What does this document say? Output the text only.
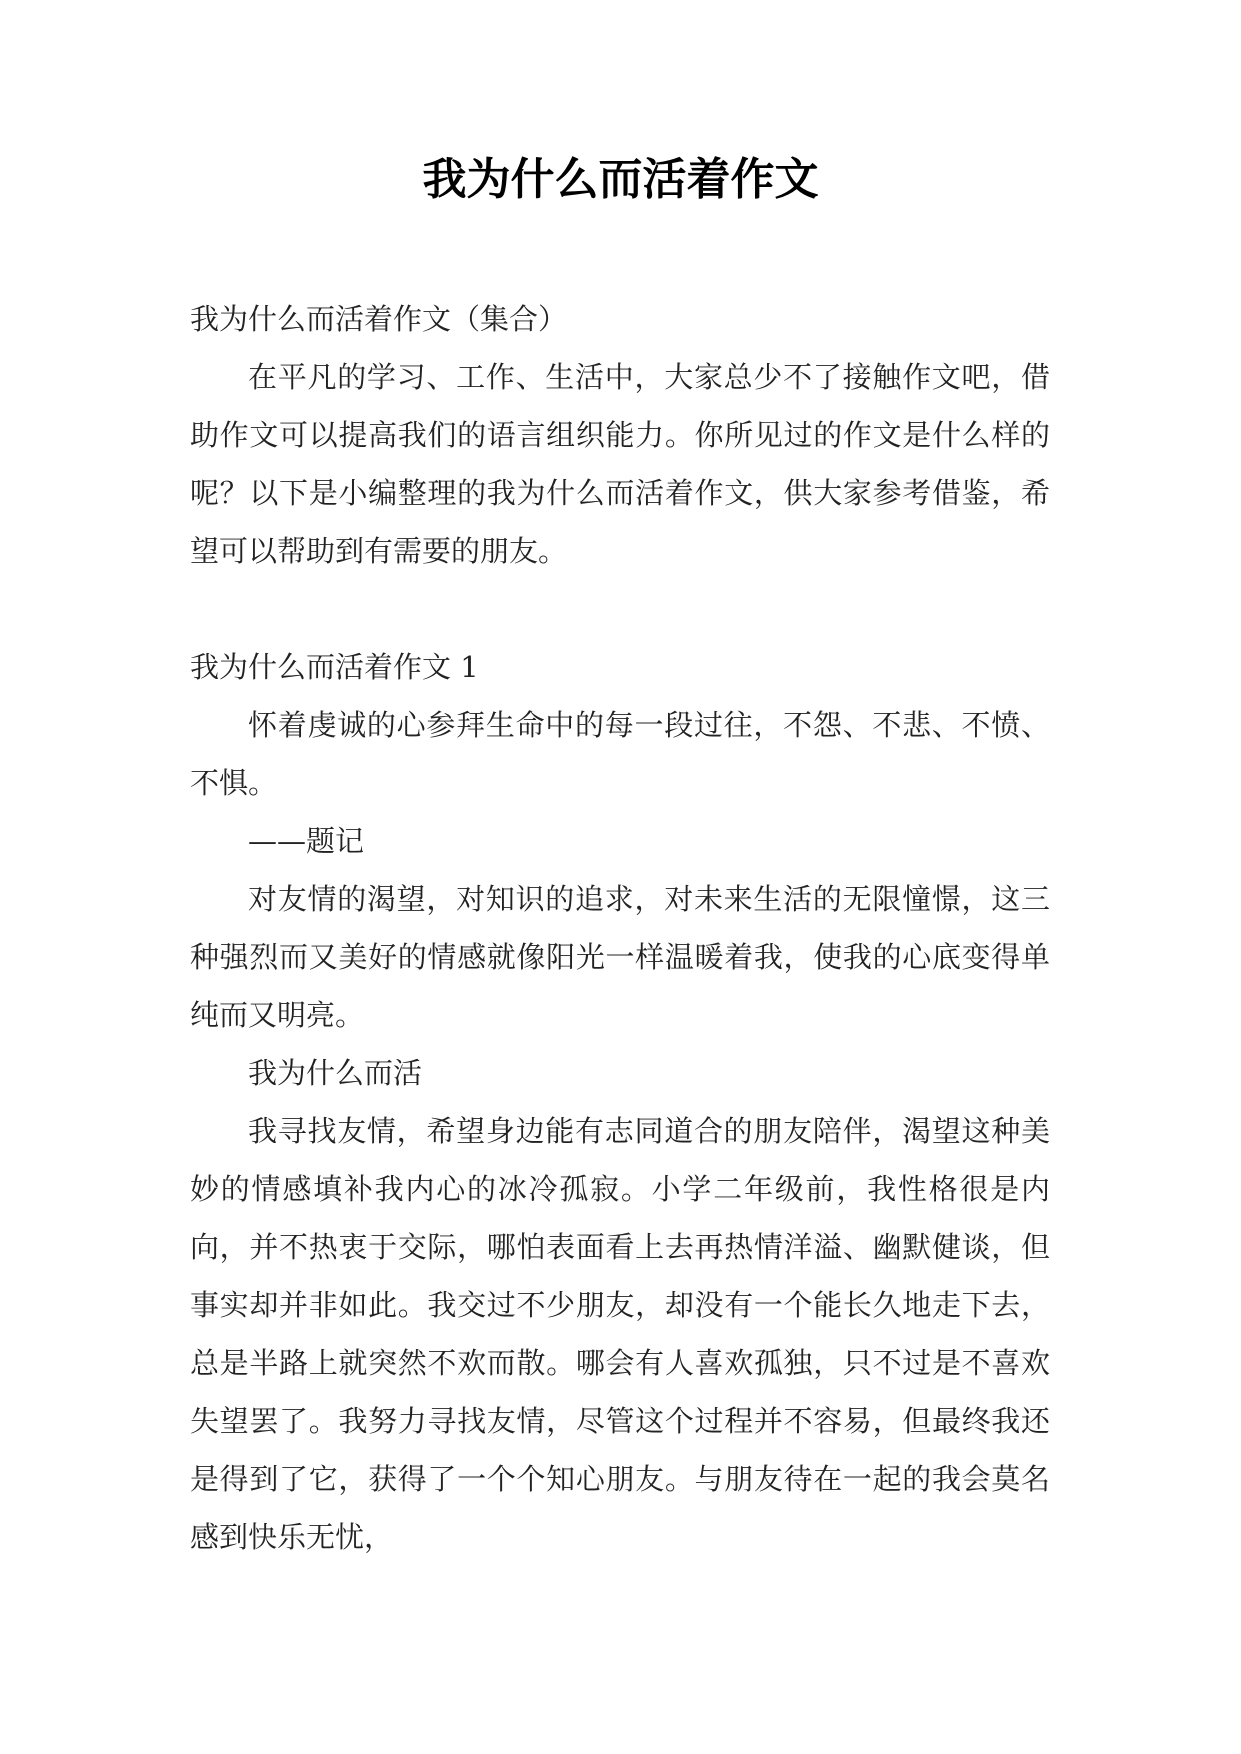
我为什么而活着作文

我为什么而活着作文（集合）

在平凡的学习、工作、生活中，大家总少不了接触作文吧，借助作文可以提高我们的语言组织能力。你所见过的作文是什么样的呢？以下是小编整理的我为什么而活着作文，供大家参考借鉴，希望可以帮助到有需要的朋友。

我为什么而活着作文 1

怀着虔诚的心参拜生命中的每一段过往，不怨、不悲、不愤、不惧。

——题记

对友情的渴望，对知识的追求，对未来生活的无限憧憬，这三种强烈而又美好的情感就像阳光一样温暖着我，使我的心底变得单纯而又明亮。

我为什么而活

我寻找友情，希望身边能有志同道合的朋友陪伴，渴望这种美妙的情感填补我内心的冰冷孤寂。小学二年级前，我性格很是内向，并不热衷于交际，哪怕表面看上去再热情洋溢、幽默健谈，但事实却并非如此。我交过不少朋友，却没有一个能长久地走下去，总是半路上就突然不欢而散。哪会有人喜欢孤独，只不过是不喜欢失望罢了。我努力寻找友情，尽管这个过程并不容易，但最终我还是得到了它，获得了一个个知心朋友。与朋友待在一起的我会莫名感到快乐无忧，
